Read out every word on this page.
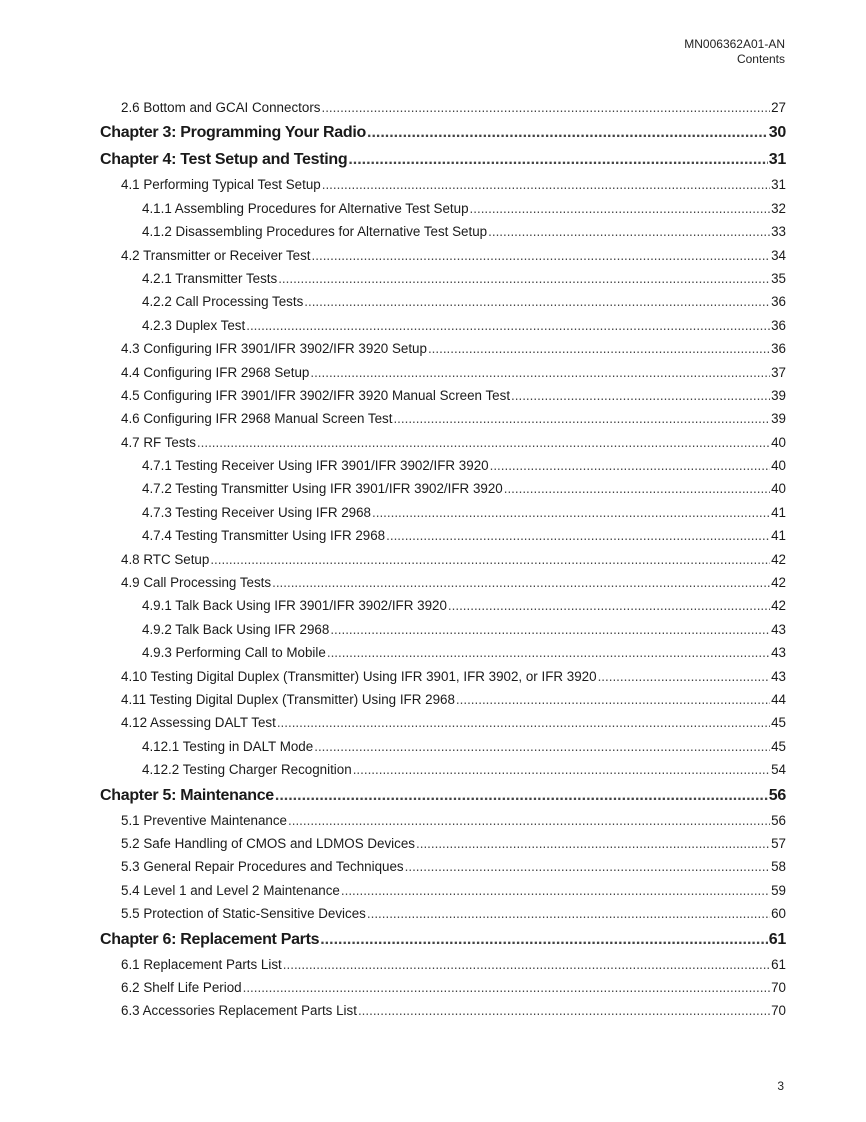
MN006362A01-AN
Contents
2.6 Bottom and GCAI Connectors .....	27
Chapter 3: Programming Your Radio .....	30
Chapter 4: Test Setup and Testing .....	31
4.1 Performing Typical Test Setup .....	31
4.1.1 Assembling Procedures for Alternative Test Setup .....	32
4.1.2 Disassembling Procedures for Alternative Test Setup .....	33
4.2 Transmitter or Receiver Test .....	34
4.2.1 Transmitter Tests .....	35
4.2.2 Call Processing Tests .....	36
4.2.3 Duplex Test .....	36
4.3 Configuring IFR 3901/IFR 3902/IFR 3920 Setup .....	36
4.4 Configuring IFR 2968 Setup .....	37
4.5 Configuring IFR 3901/IFR 3902/IFR 3920 Manual Screen Test .....	39
4.6 Configuring IFR 2968 Manual Screen Test .....	39
4.7 RF Tests .....	40
4.7.1 Testing Receiver Using IFR 3901/IFR 3902/IFR 3920 .....	40
4.7.2 Testing Transmitter Using IFR 3901/IFR 3902/IFR 3920 .....	40
4.7.3 Testing Receiver Using IFR 2968 .....	41
4.7.4 Testing Transmitter Using IFR 2968 .....	41
4.8 RTC Setup .....	42
4.9 Call Processing Tests .....	42
4.9.1 Talk Back Using IFR 3901/IFR 3902/IFR 3920 .....	42
4.9.2 Talk Back Using IFR 2968 .....	43
4.9.3 Performing Call to Mobile .....	43
4.10 Testing Digital Duplex (Transmitter) Using IFR 3901, IFR 3902, or IFR 3920 .....	43
4.11 Testing Digital Duplex (Transmitter) Using IFR 2968 .....	44
4.12 Assessing DALT Test .....	45
4.12.1 Testing in DALT Mode .....	45
4.12.2 Testing Charger Recognition .....	54
Chapter 5: Maintenance .....	56
5.1 Preventive Maintenance .....	56
5.2 Safe Handling of CMOS and LDMOS Devices .....	57
5.3 General Repair Procedures and Techniques .....	58
5.4 Level 1 and Level 2 Maintenance .....	59
5.5 Protection of Static-Sensitive Devices .....	60
Chapter 6: Replacement Parts .....	61
6.1 Replacement Parts List .....	61
6.2 Shelf Life Period .....	70
6.3 Accessories Replacement Parts List .....	70
3
